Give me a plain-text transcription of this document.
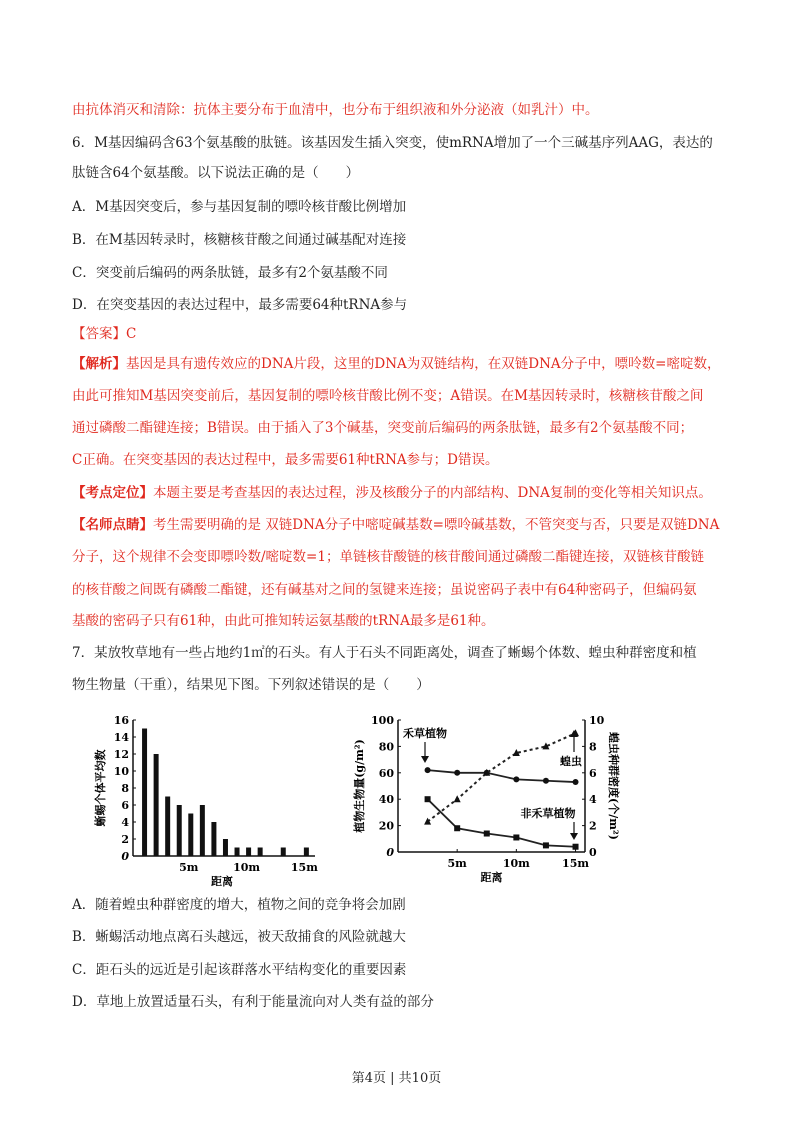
由抗体消灭和清除：抗体主要分布于血清中，也分布于组织液和外分泌液（如乳汁）中。
6．M基因编码含63个氨基酸的肽链。该基因发生插入突变，使mRNA增加了一个三碱基序列AAG，表达的
肽链含64个氨基酸。以下说法正确的是（　　）
A．M基因突变后，参与基因复制的嘌呤核苷酸比例增加
B．在M基因转录时，核糖核苷酸之间通过碱基配对连接
C．突变前后编码的两条肽链，最多有2个氨基酸不同
D．在突变基因的表达过程中，最多需要64种tRNA参与
【答案】C
【解析】基因是具有遗传效应的DNA片段，这里的DNA为双链结构，在双链DNA分子中，嘌呤数=嘧啶数，
由此可推知M基因突变前后，基因复制的嘌呤核苷酸比例不变；A错误。在M基因转录时，核糖核苷酸之间
通过磷酸二酯键连接；B错误。由于插入了3个碱基，突变前后编码的两条肽链，最多有2个氨基酸不同；
C正确。在突变基因的表达过程中，最多需要61种tRNA参与；D错误。
【考点定位】本题主要是考查基因的表达过程，涉及核酸分子的内部结构、DNA复制的变化等相关知识点。
【名师点睛】考生需要明确的是 双链DNA分子中嘧啶碱基数=嘌呤碱基数，不管突变与否，只要是双链DNA
分子，这个规律不会变即嘌呤数/嘧啶数=1；单链核苷酸链的核苷酸间通过磷酸二酯键连接，双链核苷酸链
的核苷酸之间既有磷酸二酯键，还有碱基对之间的氢键来连接；虽说密码子表中有64种密码子，但编码氨
基酸的密码子只有61种，由此可推知转运氨基酸的tRNA最多是61种。
7．某放牧草地有一些占地约1㎡的石头。有人于石头不同距离处，调查了蜥蜴个体数、蝗虫种群密度和植
物生物量（干重），结果见下图。下列叙述错误的是（　　）
0
2
4
6
8
10
12
14
16
5m	10m	15m
距离
蜥蜴个体平均数
0
20
40
60
80
100
0
2
4
6
8
10
5m	10m	15m
禾草植物
蝗虫
非禾草植物
距离
植物生物量(g/m²)	蝗虫种群密度(个/m²)
A．随着蝗虫种群密度的增大，植物之间的竞争将会加剧
B．蜥蜴活动地点离石头越远，被天敌捕食的风险就越大
C．距石头的远近是引起该群落水平结构变化的重要因素
D．草地上放置适量石头，有利于能量流向对人类有益的部分
第4页 | 共10页
